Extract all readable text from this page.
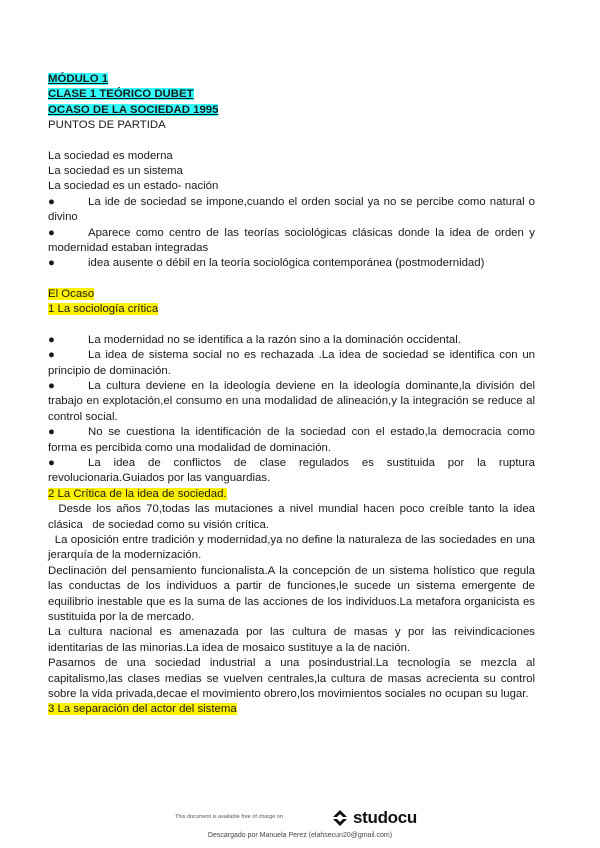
MÓDULO 1
CLASE 1 TEÓRICO DUBET
OCASO DE LA SOCIEDAD 1995
PUNTOS DE PARTIDA
La sociedad es moderna
La sociedad es un sistema
La sociedad es un estado- nación
●	La ide de sociedad se impone,cuando el orden social ya no se percibe como natural o divino
●	Aparece como centro de las teorías sociológicas clásicas donde la idea de orden y modernidad estaban integradas
●	idea ausente o débil en la teoría sociológica contemporánea (postmodernidad)
El Ocaso
1 La sociología crítica
●	La modernidad no se identifica a la razón sino a la dominación occidental.
●	La idea de sistema social no es rechazada .La idea de sociedad se identifica con un principio de dominación.
●	La cultura deviene en la ideología deviene en la ideología dominante,la división del trabajo en explotación,el consumo en una modalidad de alineación,y la integración se reduce al control social.
●	No se cuestiona la identificación de la sociedad con el estado,la democracia como forma es percibida como una modalidad de dominación.
●	La idea de conflictos de clase regulados es sustituida por la ruptura revolucionaria.Guiados por las vanguardias.
2 La Crítica de la idea de sociedad.
Desde los años 70,todas las mutaciones a nivel mundial hacen poco creíble tanto la idea clásica   de sociedad como su visión crítica.
La oposición entre tradición y modernidad,ya no define la naturaleza de las sociedades en una jerarquía de la modernización.
Declinación del pensamiento funcionalista.A la concepción de un sistema holístico que regula las conductas de los individuos a partir de funciones,le sucede un sistema emergente de equilibrio inestable que es la suma de las acciones de los individuos.La metafora organicista es sustituida por la de mercado.
La cultura nacional es amenazada por las cultura de masas y por las reivindicaciones identitarias de las minorias.La idea de mosaico sustituye a la de nación.
Pasamos de una sociedad industrial a una posindustrial.La tecnología se mezcla al capitalismo,las clases medias se vuelven centrales,la cultura de masas acrecienta su control sobre la vida privada,decae el movimiento obrero,los movimientos sociales no ocupan su lugar.
3 La separación del actor del sistema
This document is available free of charge on	studocu
Descargado por Manuela Perez (elahsecun20@gmail.com)
